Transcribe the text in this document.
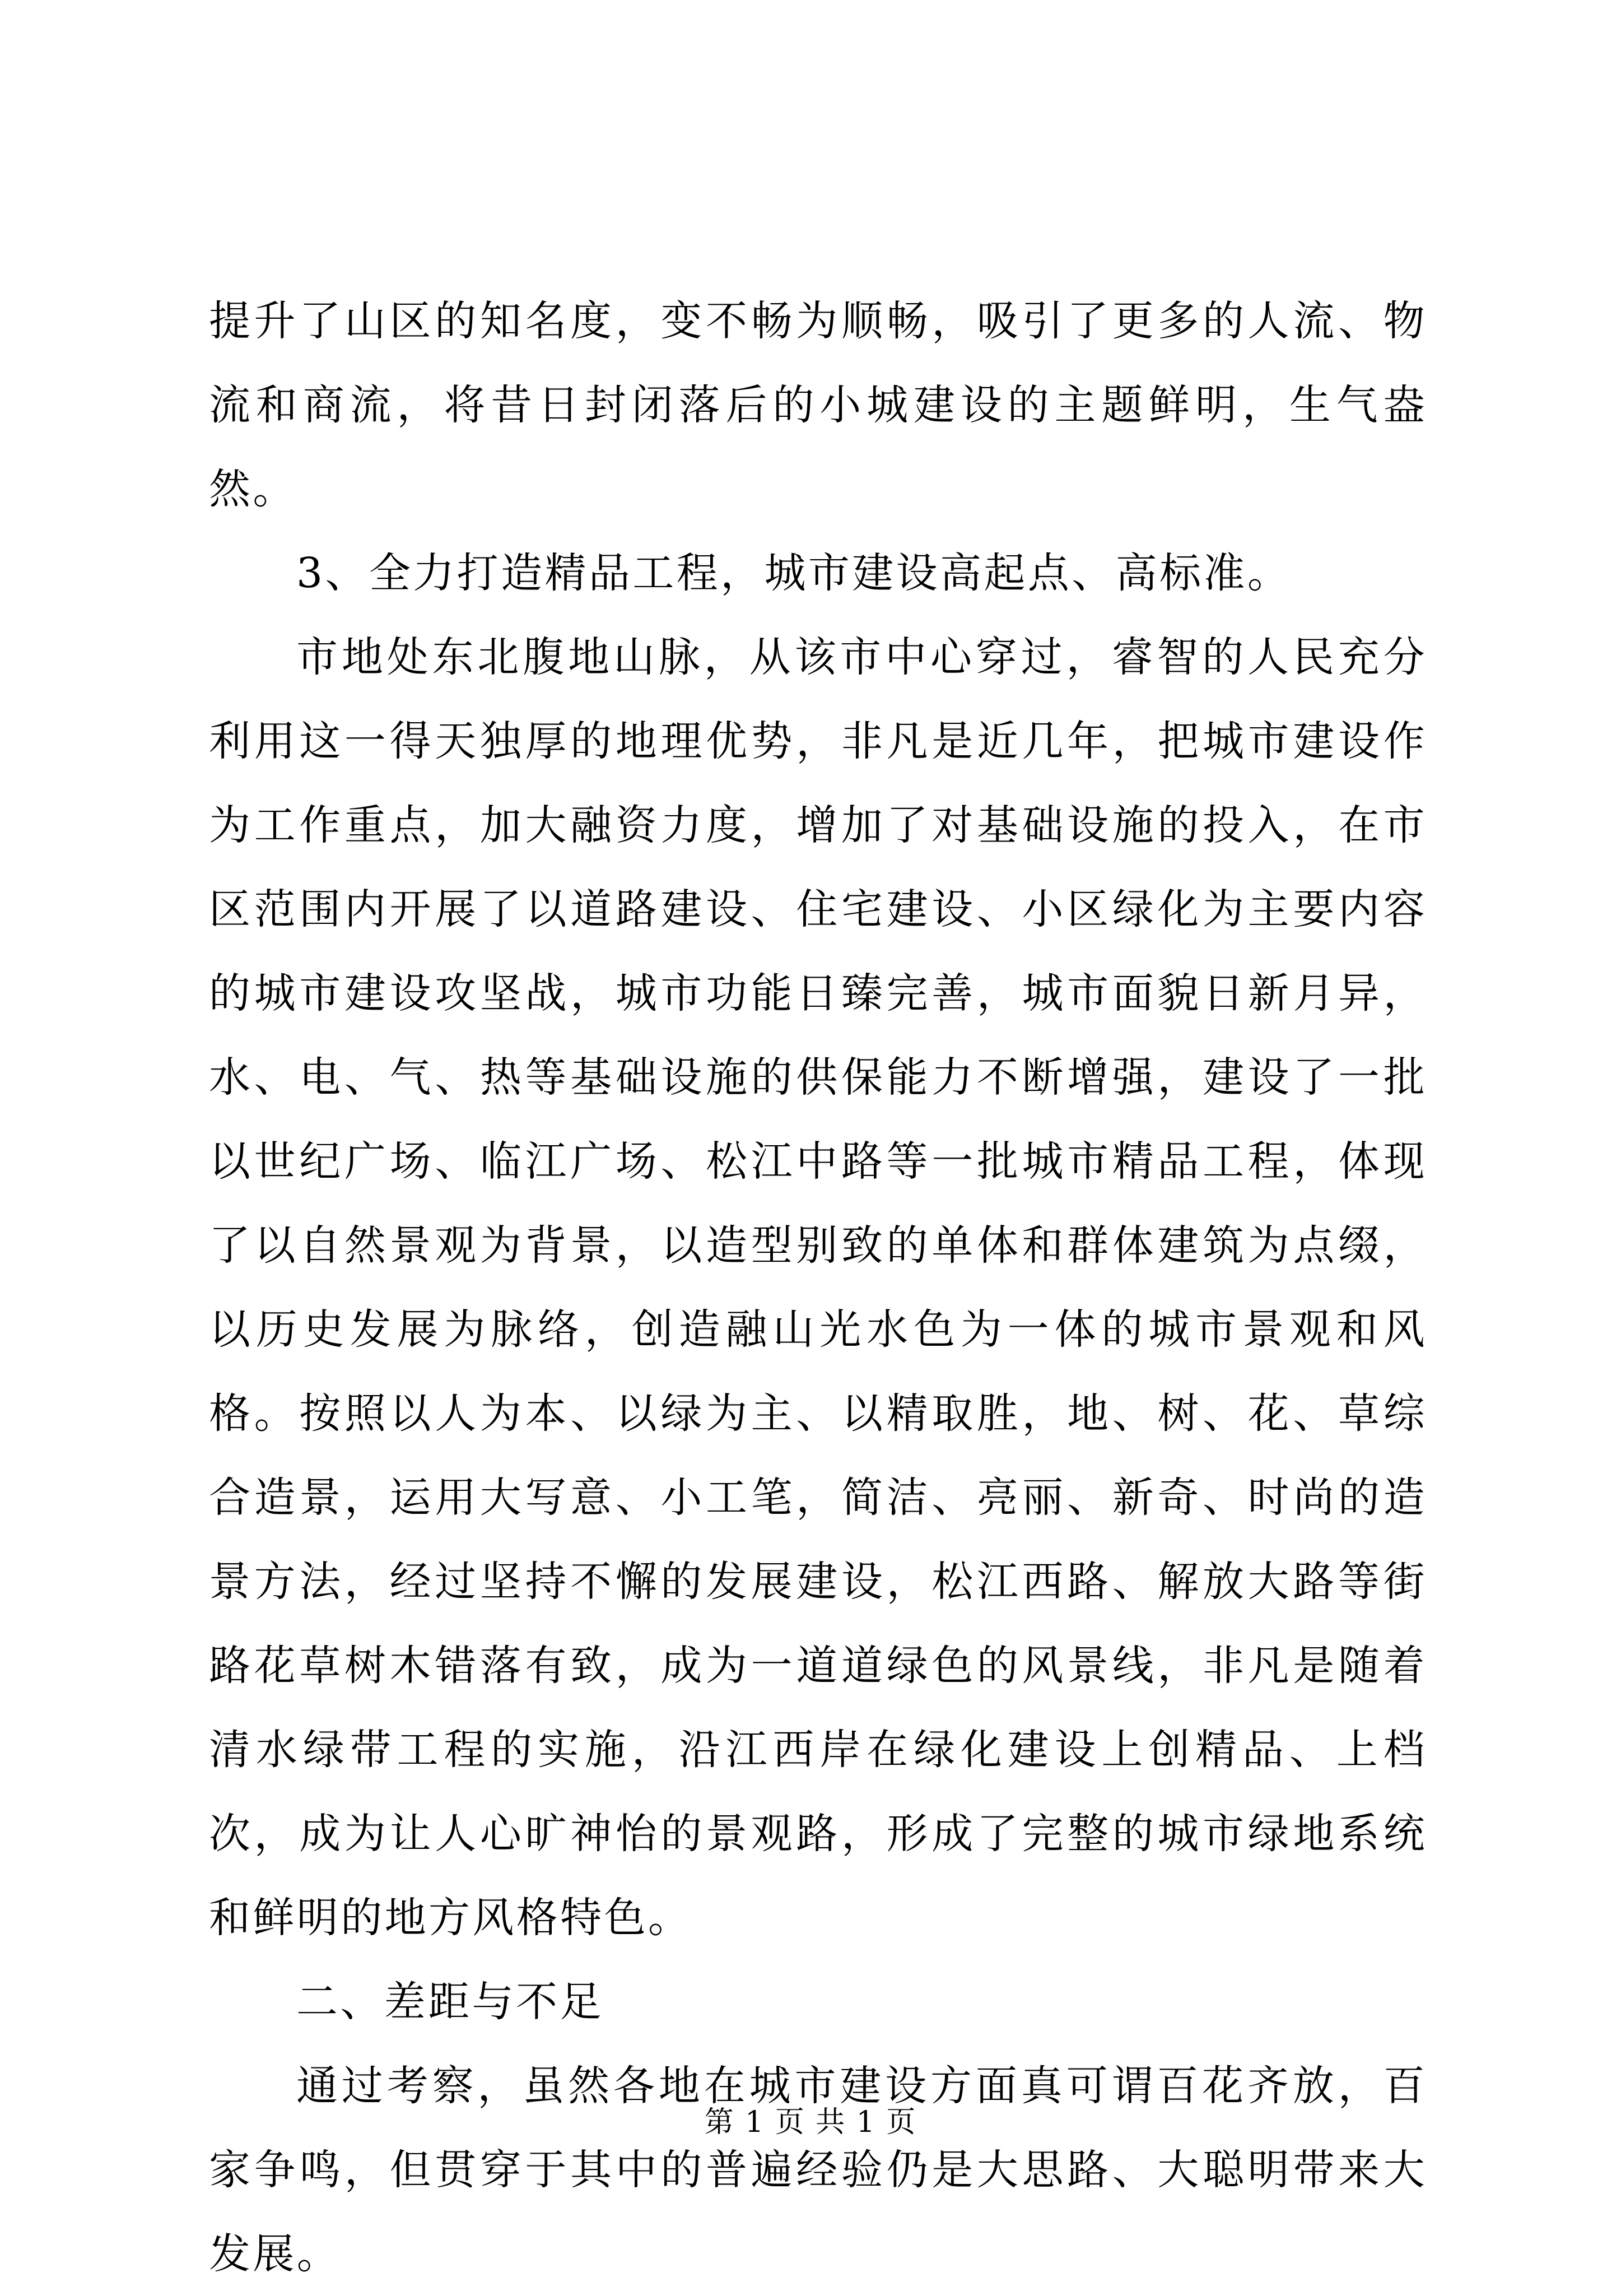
提升了山区的知名度，变不畅为顺畅，吸引了更多的人流、物流和商流，将昔日封闭落后的小城建设的主题鲜明，生气盎然。

3、全力打造精品工程，城市建设高起点、高标准。

市地处东北腹地山脉，从该市中心穿过，睿智的人民充分利用这一得天独厚的地理优势，非凡是近几年，把城市建设作为工作重点，加大融资力度，增加了对基础设施的投入，在市区范围内开展了以道路建设、住宅建设、小区绿化为主要内容的城市建设攻坚战，城市功能日臻完善，城市面貌日新月异，水、电、气、热等基础设施的供保能力不断增强，建设了一批以世纪广场、临江广场、松江中路等一批城市精品工程，体现了以自然景观为背景，以造型别致的单体和群体建筑为点缀，以历史发展为脉络，创造融山光水色为一体的城市景观和风格。按照以人为本、以绿为主、以精取胜，地、树、花、草综合造景，运用大写意、小工笔，简洁、亮丽、新奇、时尚的造景方法，经过坚持不懈的发展建设，松江西路、解放大路等街路花草树木错落有致，成为一道道绿色的风景线，非凡是随着清水绿带工程的实施，沿江西岸在绿化建设上创精品、上档次，成为让人心旷神怡的景观路，形成了完整的城市绿地系统和鲜明的地方风格特色。

二、差距与不足

通过考察，虽然各地在城市建设方面真可谓百花齐放，百家争鸣，但贯穿于其中的普遍经验仍是大思路、大聪明带来大发展。

第 1 页 共 1 页
